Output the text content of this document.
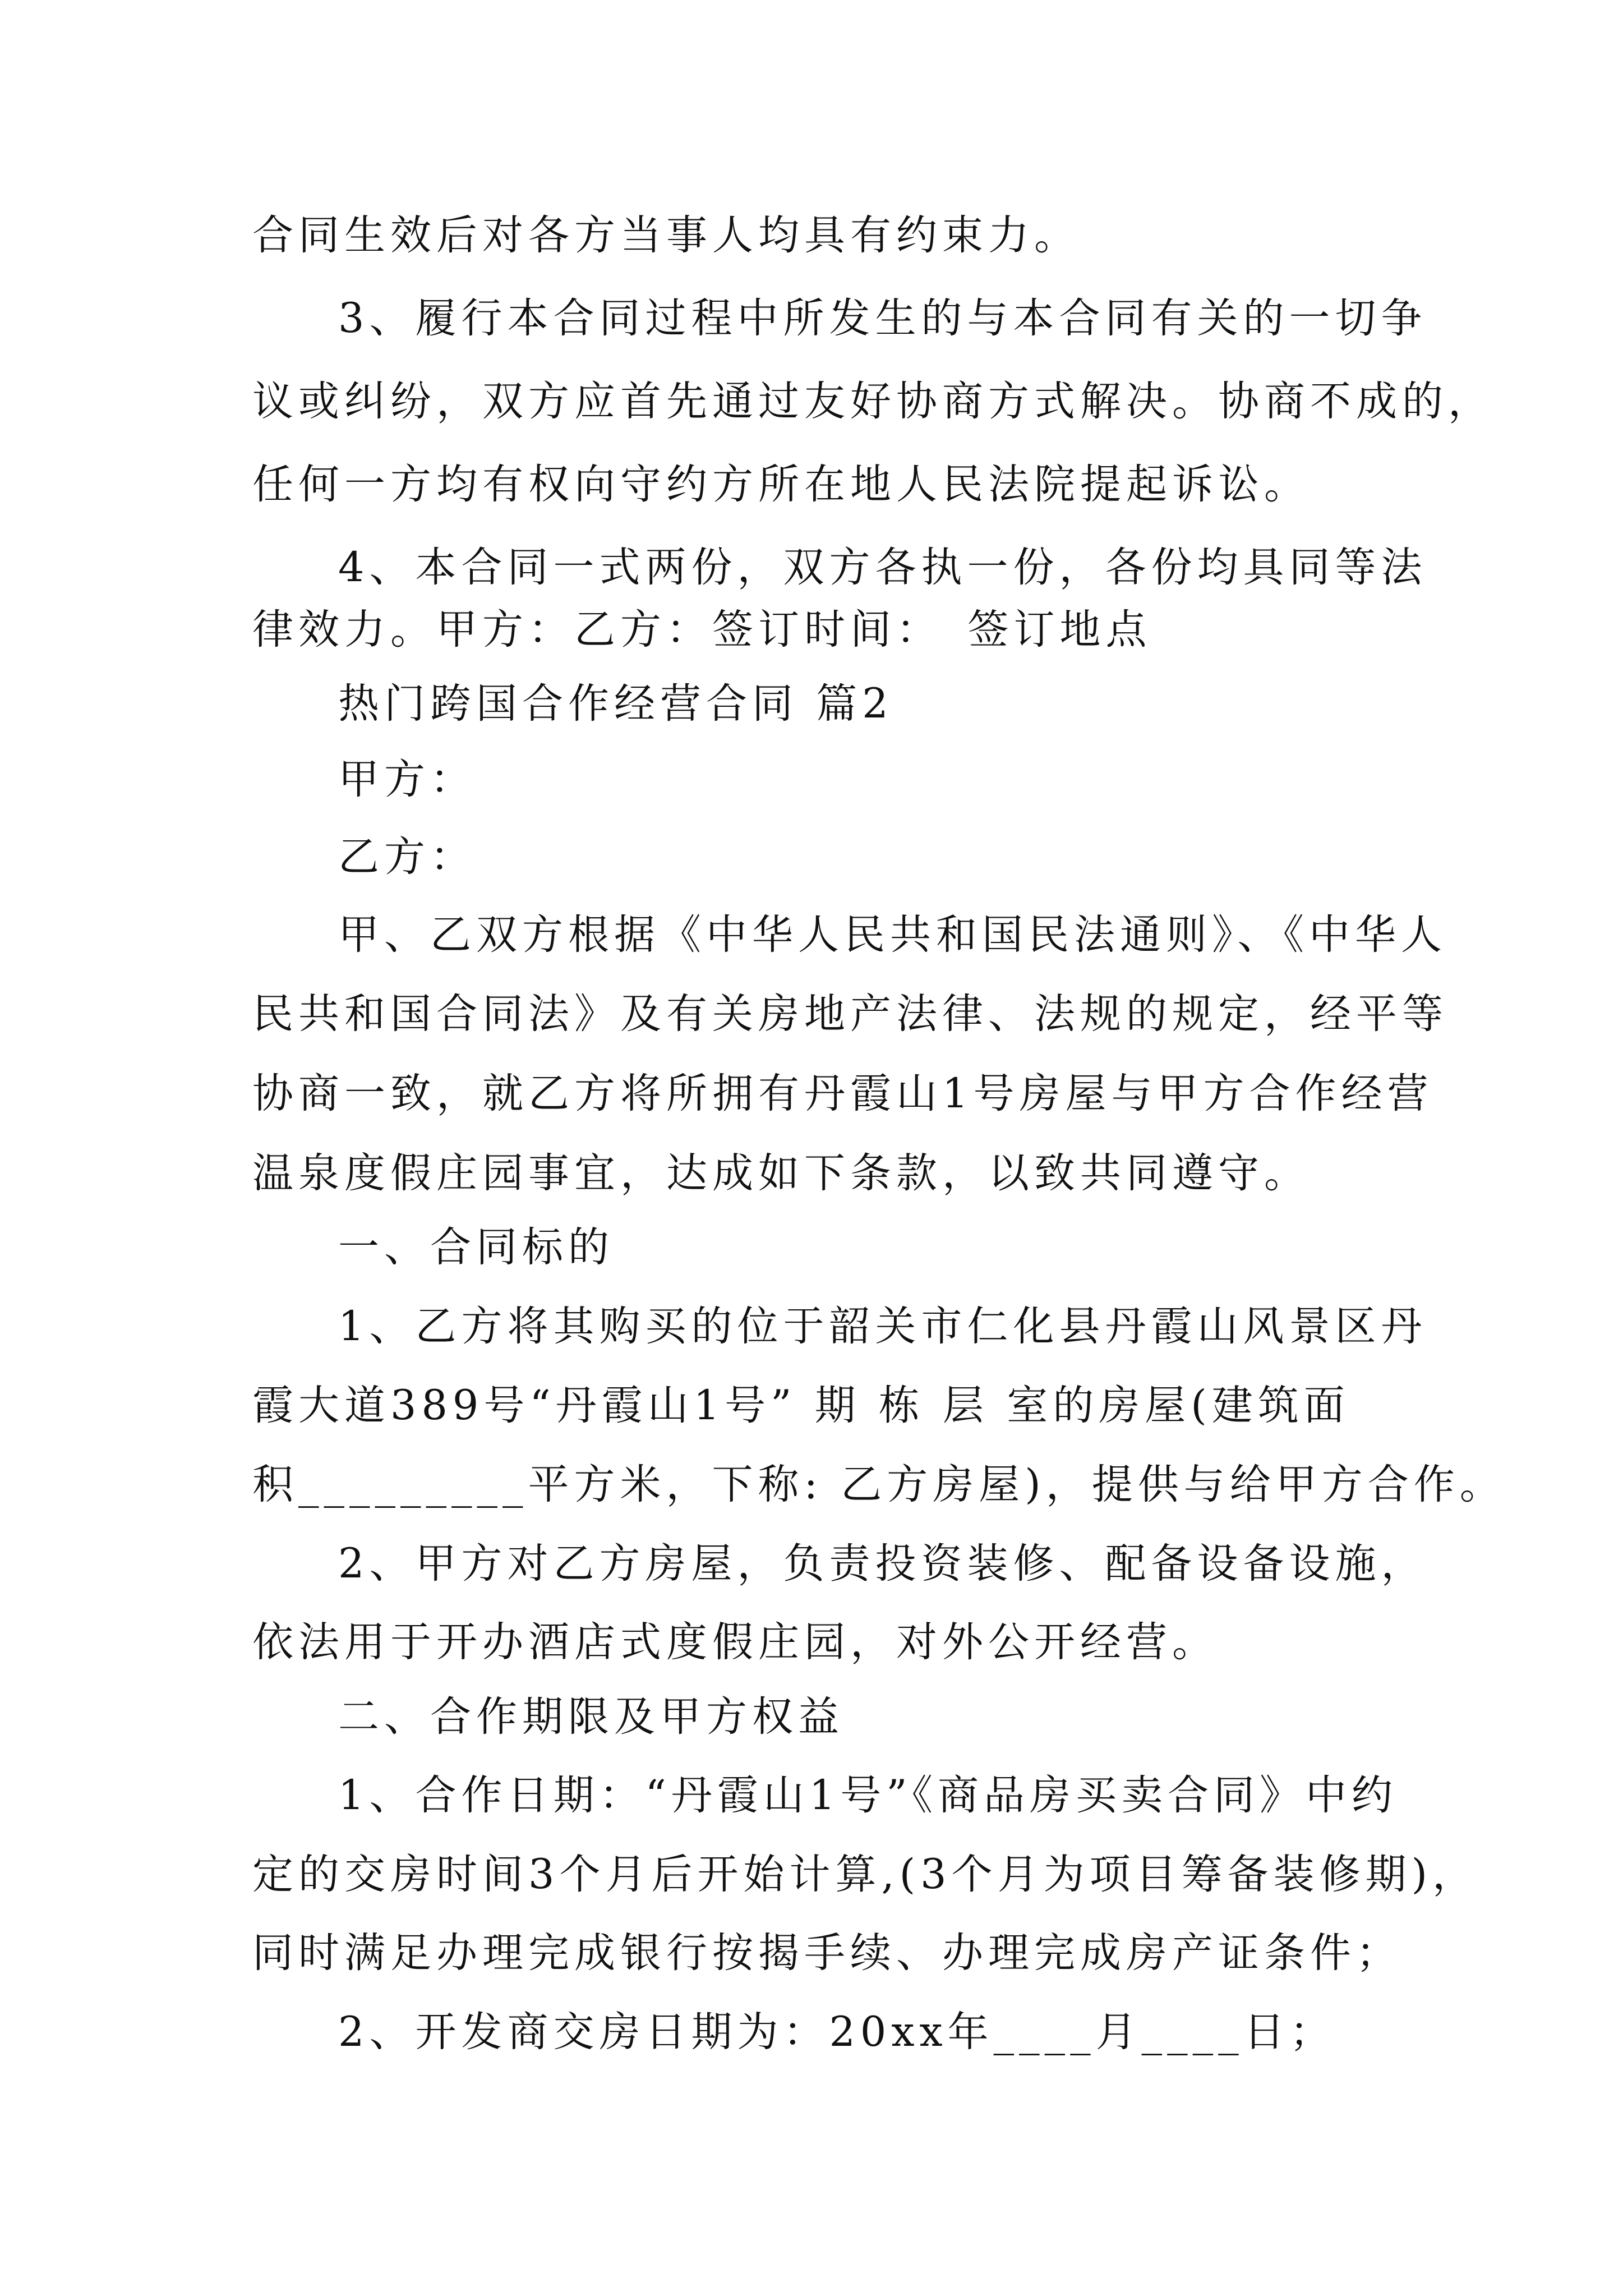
合同生效后对各方当事人均具有约束力。
3、履行本合同过程中所发生的与本合同有关的一切争
议或纠纷，双方应首先通过友好协商方式解决。协商不成的，
任何一方均有权向守约方所在地人民法院提起诉讼。
4、本合同一式两份，双方各执一份，各份均具同等法
律效力。甲方：乙方：签订时间：　签订地点
热门跨国合作经营合同 篇2
甲方：
乙方：
甲、乙双方根据《中华人民共和国民法通则》、《中华人
民共和国合同法》及有关房地产法律、法规的规定，经平等
协商一致，就乙方将所拥有丹霞山1号房屋与甲方合作经营
温泉度假庄园事宜，达成如下条款，以致共同遵守。
一、合同标的
1、乙方将其购买的位于韶关市仁化县丹霞山风景区丹
霞大道389号“丹霞山1号” 期 栋 层 室的房屋(建筑面
积_________平方米，下称: 乙方房屋)，提供与给甲方合作。
2、甲方对乙方房屋，负责投资装修、配备设备设施，
依法用于开办酒店式度假庄园，对外公开经营。
二、合作期限及甲方权益
1、合作日期：“丹霞山1号”《商品房买卖合同》中约
定的交房时间3个月后开始计算,(3个月为项目筹备装修期)，
同时满足办理完成银行按揭手续、办理完成房产证条件；
2、开发商交房日期为：20xx年____月____日；
